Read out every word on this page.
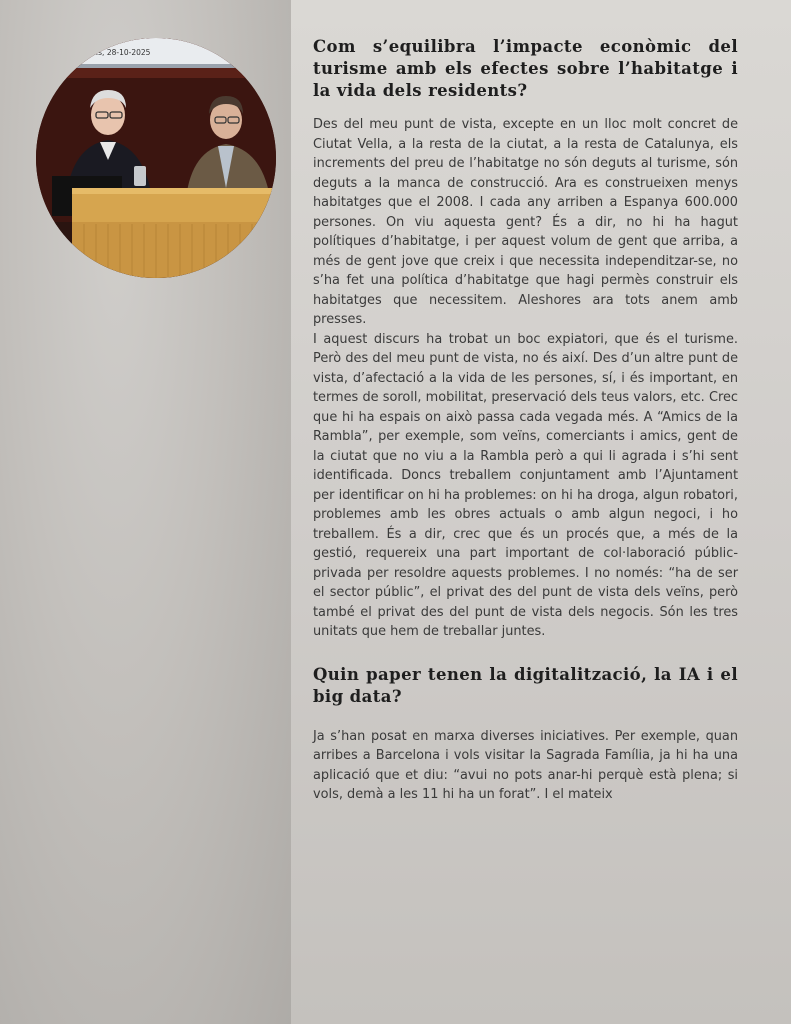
...s, 28-10-2025	Com s’equilibra l’impacte econòmic del turisme amb els efectes sobre l’habitatge i la vida dels residents?

Des del meu punt de vista, excepte en un lloc molt concret de Ciutat Vella, a la resta de la ciutat, a la resta de Catalunya, els increments del preu de l’habitatge no són deguts al turisme, són deguts a la manca de construcció. Ara es construeixen menys habitatges que el 2008. I cada any arriben a Espanya 600.000 persones. On viu aquesta gent? És a dir, no hi ha hagut polítiques d’habitatge, i per aquest volum de gent que arriba, a més de gent jove que creix i que necessita independitzar-se, no s’ha fet una política d’habitatge que hagi permès construir els habitatges que necessitem. Aleshores ara tots anem amb presses.

I aquest discurs ha trobat un boc expiatori, que és el turisme. Però des del meu punt de vista, no és així. Des d’un altre punt de vista, d’afectació a la vida de les persones, sí, i és important, en termes de soroll, mobilitat, preservació dels teus valors, etc. Crec que hi ha espais on això passa cada vegada més. A “Amics de la Rambla”, per exemple, som veïns, comerciants i amics, gent de la ciutat que no viu a la Rambla però a qui li agrada i s’hi sent identificada. Doncs treballem conjuntament amb l’Ajuntament per identificar on hi ha problemes: on hi ha droga, algun robatori, problemes amb les obres actuals o amb algun negoci, i ho treballem. És a dir, crec que és un procés que, a més de la gestió, requereix una part important de col·laboració públic-privada per resoldre aquests problemes. I no només: “ha de ser el sector públic”, el privat des del punt de vista dels veïns, però també el privat des del punt de vista dels negocis. Són les tres unitats que hem de treballar juntes.

Quin paper tenen la digitalització, la IA i el big data?

Ja s’han posat en marxa diverses iniciatives. Per exemple, quan arribes a Barcelona i vols visitar la Sagrada Família, ja hi ha una aplicació que et diu: “avui no pots anar-hi perquè està plena; si vols, demà a les 11 hi ha un forat”. I el mateix
